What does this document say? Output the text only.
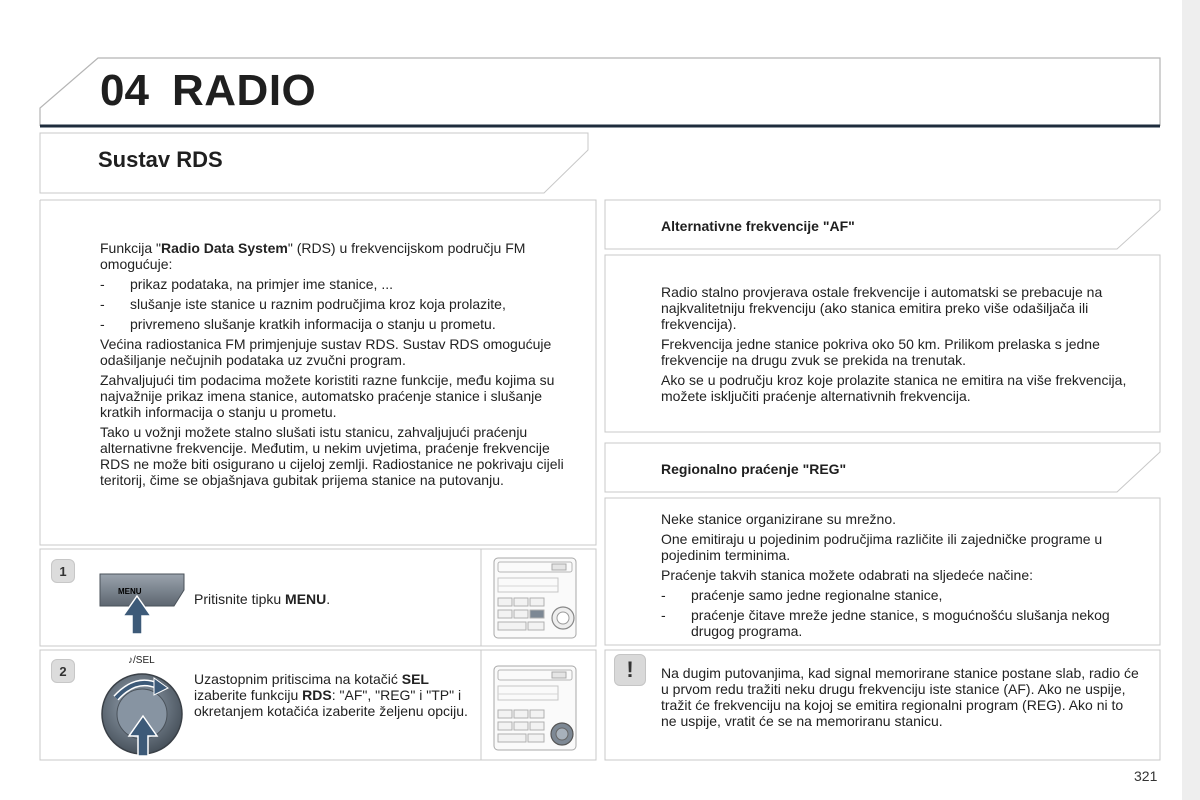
04 RADIO
Sustav RDS

Funkcija "Radio Data System" (RDS) u frekvencijskom području FM omogućuje:

- prikaz podataka, na primjer ime stanice, ...
- slušanje iste stanice u raznim područjima kroz koja prolazite,
- privremeno slušanje kratkih informacija o stanju u prometu.

Većina radiostanica FM primjenjuje sustav RDS. Sustav RDS omogućuje odašiljanje nečujnih podataka uz zvučni program.

Zahvaljujući tim podacima možete koristiti razne funkcije, među kojima su najvažnije prikaz imena stanice, automatsko praćenje stanice i slušanje kratkih informacija o stanju u prometu.

Tako u vožnji možete stalno slušati istu stanicu, zahvaljujući praćenju alternativne frekvencije. Međutim, u nekim uvjetima, praćenje frekvencije RDS ne može biti osigurano u cijeloj zemlji. Radiostanice ne pokrivaju cijeli teritorij, čime se objašnjava gubitak prijema stanice na putovanju.

1
MENU	Pritisnite tipku MENU.
2
♪/SEL
Uzastopnim pritiscima na kotačić SEL izaberite funkciju RDS: "AF", "REG" i "TP" i okretanjem kotačića izaberite željenu opciju.
Alternativne frekvencije "AF"

Radio stalno provjerava ostale frekvencije i automatski se prebacuje na najkvalitetniju frekvenciju (ako stanica emitira preko više odašiljača ili frekvencija).

Frekvencija jedne stanice pokriva oko 50 km. Prilikom prelaska s jedne frekvencije na drugu zvuk se prekida na trenutak.

Ako se u području kroz koje prolazite stanica ne emitira na više frekvencija, možete isključiti praćenje alternativnih frekvencija.

Regionalno praćenje "REG"

Neke stanice organizirane su mrežno.

One emitiraju u pojedinim područjima različite ili zajedničke programe u pojedinim terminima.

Praćenje takvih stanica možete odabrati na sljedeće načine:

- praćenje samo jedne regionalne stanice,
- praćenje čitave mreže jedne stanice, s mogućnošću slušanja nekog drugog programa.
!	Na dugim putovanjima, kad signal memorirane stanice postane slab, radio će u prvom redu tražiti neku drugu frekvenciju iste stanice (AF). Ako ne uspije, tražit će frekvenciju na kojoj se emitira regionalni program (REG). Ako ni to ne uspije, vratit će se na memoriranu stanicu.
321
